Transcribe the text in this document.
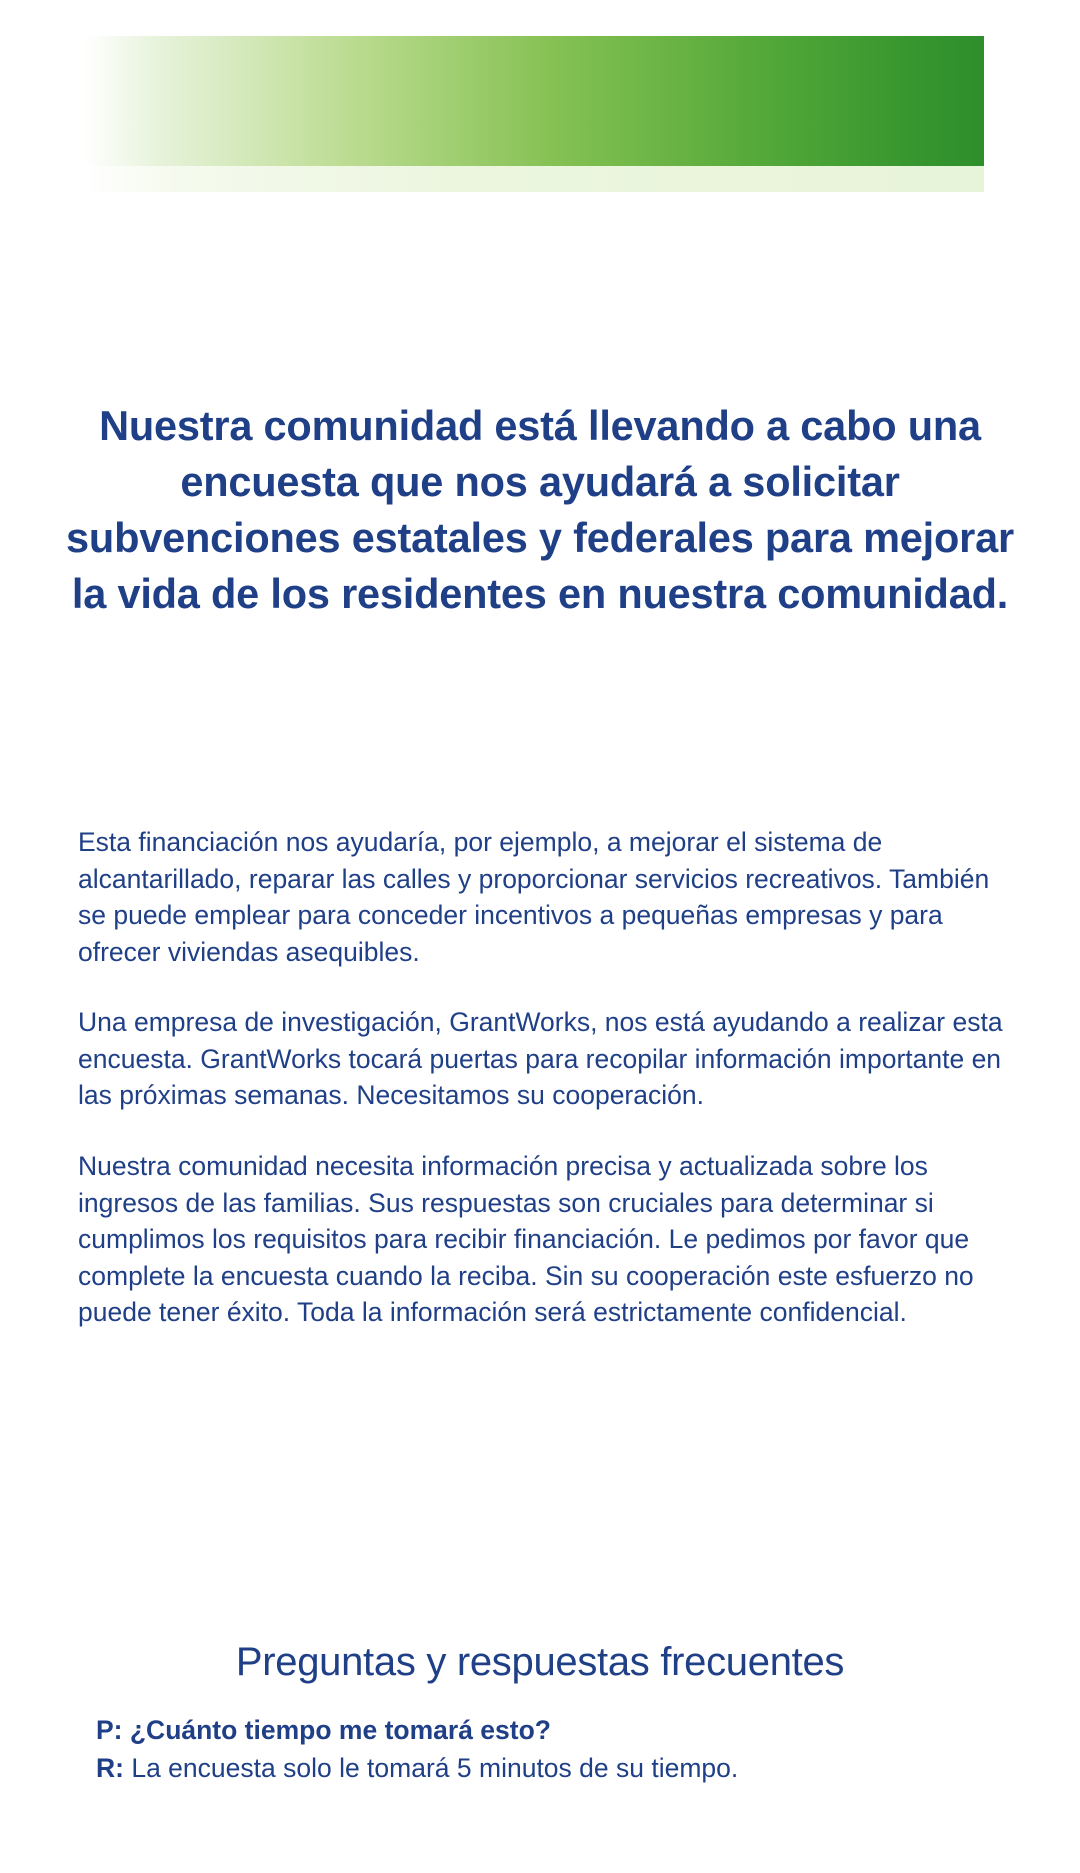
Nuestra comunidad está llevando a cabo una encuesta que nos ayudará a solicitar subvenciones estatales y federales para mejorar la vida de los residentes en nuestra comunidad.

Esta financiación nos ayudaría, por ejemplo, a mejorar el sistema de alcantarillado, reparar las calles y proporcionar servicios recreativos. También se puede emplear para conceder incentivos a pequeñas empresas y para ofrecer viviendas asequibles.

Una empresa de investigación, GrantWorks, nos está ayudando a realizar esta encuesta. GrantWorks tocará puertas para recopilar información importante en las próximas semanas. Necesitamos su cooperación.

Nuestra comunidad necesita información precisa y actualizada sobre los ingresos de las familias. Sus respuestas son cruciales para determinar si cumplimos los requisitos para recibir financiación. Le pedimos por favor que complete la encuesta cuando la reciba. Sin su cooperación este esfuerzo no puede tener éxito. Toda la información será estrictamente confidencial.

Preguntas y respuestas frecuentes
P: ¿Cuánto tiempo me tomará esto?
R: La encuesta solo le tomará 5 minutos de su tiempo.
